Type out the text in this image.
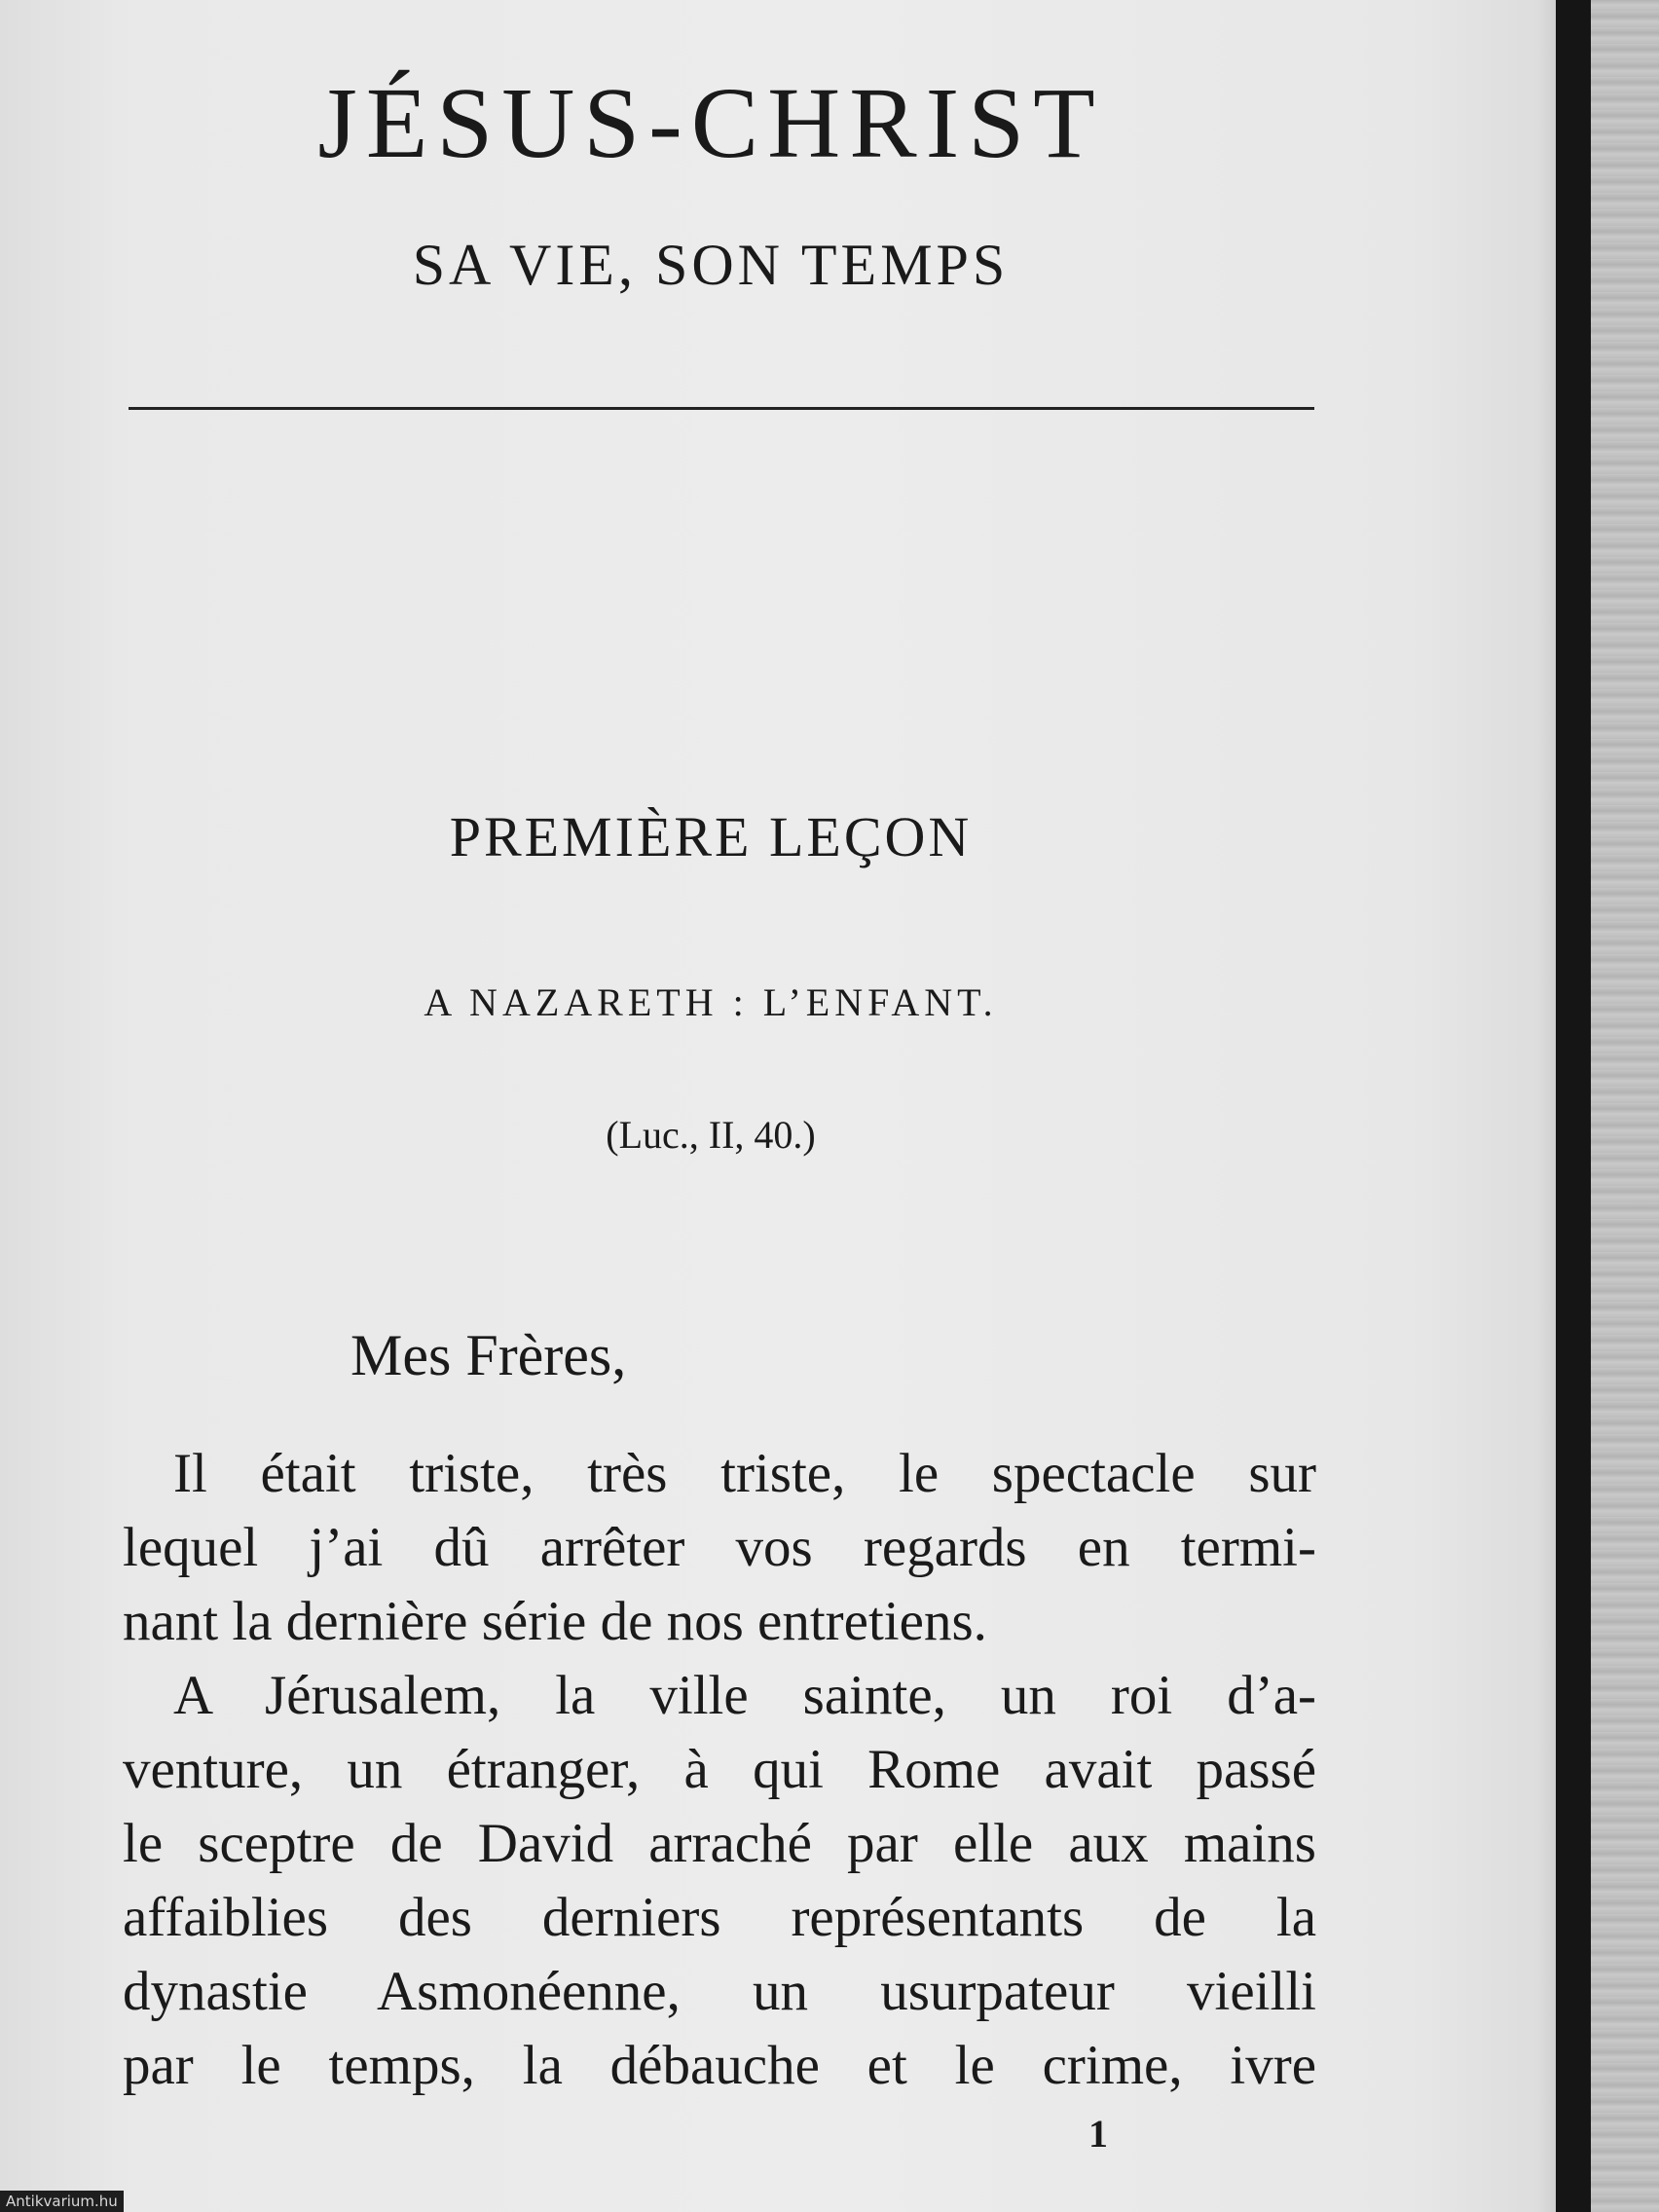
JÉSUS-CHRIST
SA VIE, SON TEMPS
PREMIÈRE LEÇON

A NAZARETH : L’ENFANT.

(Luc., II, 40.)

Mes Frères,

Il était triste, très triste, le spectacle sur
lequel j’ai dû arrêter vos regards en termi-
nant la dernière série de nos entretiens.
A Jérusalem, la ville sainte, un roi d’a-
venture, un étranger, à qui Rome avait passé
le sceptre de David arraché par elle aux mains
affaiblies des derniers représentants de la
dynastie Asmonéenne, un usurpateur vieilli
par le temps, la débauche et le crime, ivre

1

Antikvarium.hu
